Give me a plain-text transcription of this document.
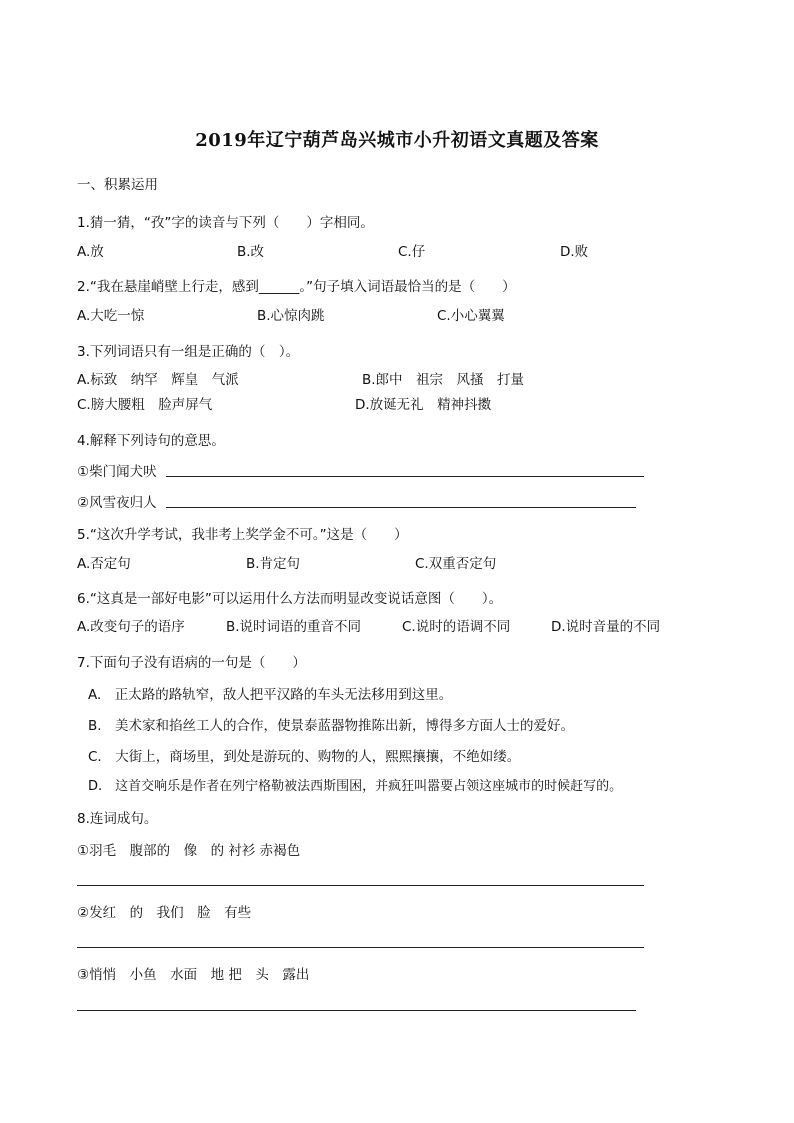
2019年辽宁葫芦岛兴城市小升初语文真题及答案
一、积累运用
1.猜一猜，“孜”字的读音与下列（　　）字相同。
A.放	B.改	C.仔	D.败
2.“我在悬崖峭壁上行走，感到______。”句子填入词语最恰当的是（　　）
A.大吃一惊	B.心惊肉跳	C.小心翼翼
3.下列词语只有一组是正确的（　）。
A.标致　纳罕　辉皇　气派	B.郎中　祖宗　风搔　打量
C.膀大腰粗　脸声屏气	D.放诞无礼　精神抖擞
4.解释下列诗句的意思。
①柴门闻犬吠
②风雪夜归人
5.“这次升学考试，我非考上奖学金不可。”这是（　　）
A.否定句	B.肯定句	C.双重否定句
6.“这真是一部好电影”可以运用什么方法而明显改变说话意图（　　）。
A.改变句子的语序	B.说时词语的重音不同	C.说时的语调不同	D.说时音量的不同
7.下面句子没有语病的一句是（　　）
A.　正太路的路轨窄，敌人把平汉路的车头无法移用到这里。
B.　美术家和掐丝工人的合作，使景泰蓝器物推陈出新，博得多方面人士的爱好。
C.　大街上，商场里，到处是游玩的、购物的人，熙熙攘攘，不绝如缕。
D.　这首交响乐是作者在列宁格勒被法西斯围困，并疯狂叫嚣要占领这座城市的时候赶写的。
8.连词成句。
①羽毛　腹部的　像　的 衬衫 赤褐色
②发红　的　我们　脸　有些
③悄悄　小鱼　水面　地 把　头　露出
